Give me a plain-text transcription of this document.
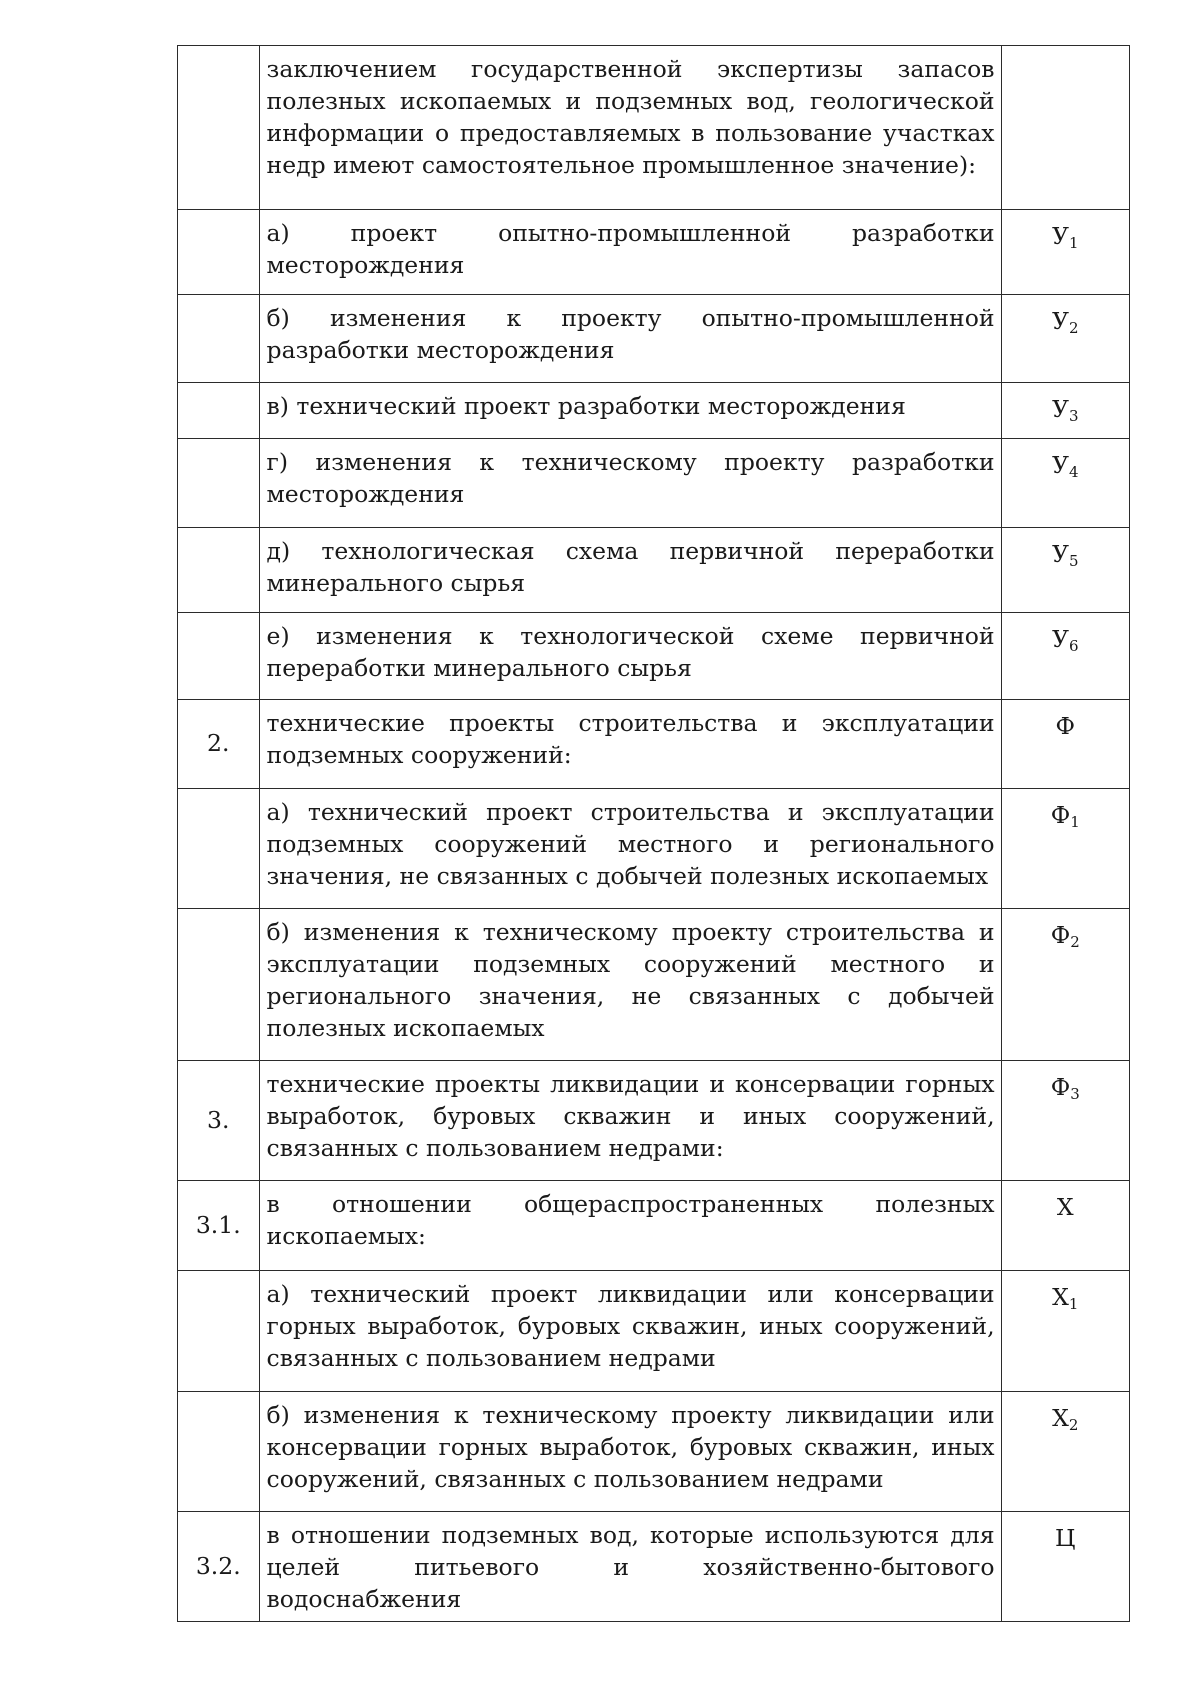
	заключением государственной экспертизы запасов полезных ископаемых и подземных вод, геологической информации о предоставляемых в пользование участках недр имеют самостоятельное промышленное значение):	
	а) проект опытно-промышленной разработки месторождения	$У_1$
	б) изменения к проекту опытно-промышленной разработки месторождения	$У_2$
	в) технический проект разработки месторождения	$У_3$
	г) изменения к техническому проекту разработки месторождения	$У_4$
	д) технологическая схема первичной переработки минерального сырья	$У_5$
	е) изменения к технологической схеме первичной переработки минерального сырья	$У_6$
2.	технические проекты строительства и эксплуатации подземных сооружений:	Ф
	а) технический проект строительства и эксплуатации подземных сооружений местного и регионального значения, не связанных с добычей полезных ископаемых	$Ф_1$
	б) изменения к техническому проекту строительства и эксплуатации подземных сооружений местного и регионального значения, не связанных с добычей полезных ископаемых	$Ф_2$
3.	технические проекты ликвидации и консервации горных выработок, буровых скважин и иных сооружений, связанных с пользованием недрами:	$Ф_3$
3.1.	в отношении общераспространенных полезных ископаемых:	Х
	а) технический проект ликвидации или консервации горных выработок, буровых скважин, иных сооружений, связанных с пользованием недрами	$Х_1$
	б) изменения к техническому проекту ликвидации или консервации горных выработок, буровых скважин, иных сооружений, связанных с пользованием недрами	$Х_2$
3.2.	в отношении подземных вод, которые используются для целей питьевого и хозяйственно-бытового водоснабжения	Ц
